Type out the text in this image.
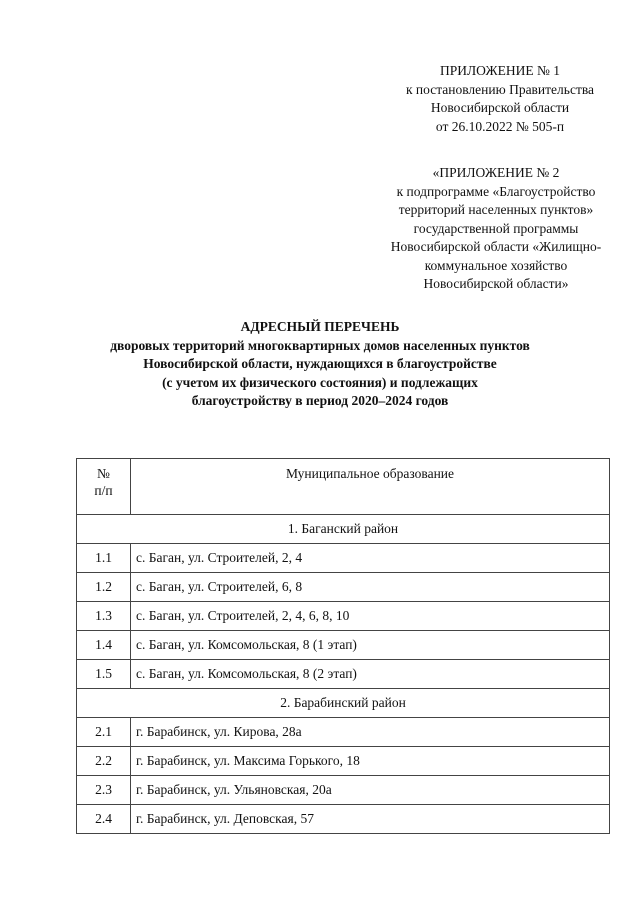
ПРИЛОЖЕНИЕ № 1
к постановлению Правительства
Новосибирской области
от 26.10.2022 № 505-п
«ПРИЛОЖЕНИЕ № 2
к подпрограмме «Благоустройство
территорий населенных пунктов»
государственной программы
Новосибирской области «Жилищно-
коммунальное хозяйство
Новосибирской области»
АДРЕСНЫЙ ПЕРЕЧЕНЬ
дворовых территорий многоквартирных домов населенных пунктов
Новосибирской области, нуждающихся в благоустройстве
(с учетом их физического состояния) и подлежащих
благоустройству в период 2020–2024 годов
№
п/п	Муниципальное образование
1. Баганский район	
1.1	с. Баган, ул. Строителей, 2, 4
1.2	с. Баган, ул. Строителей, 6, 8
1.3	с. Баган, ул. Строителей, 2, 4, 6, 8, 10
1.4	с. Баган, ул. Комсомольская, 8 (1 этап)
1.5	с. Баган, ул. Комсомольская, 8 (2 этап)
2. Барабинский район	
2.1	г. Барабинск, ул. Кирова, 28а
2.2	г. Барабинск, ул. Максима Горького, 18
2.3	г. Барабинск, ул. Ульяновская, 20а
2.4	г. Барабинск, ул. Деповская, 57
